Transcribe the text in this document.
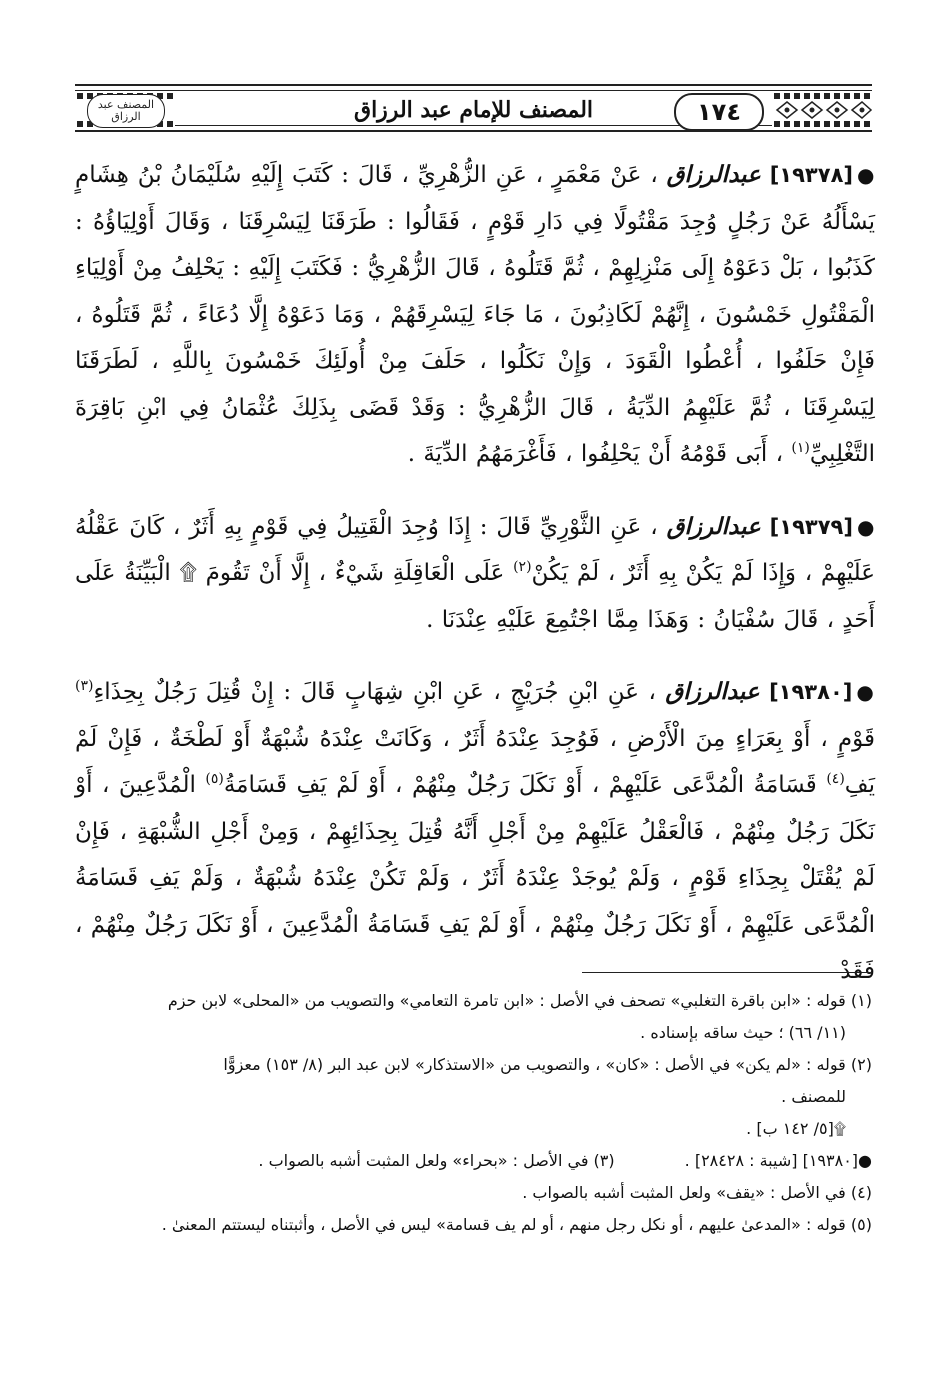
المصنف عبد الرزاق	١٧٤
المصنف للإمام عبد الرزاق

●[١٩٣٧٨] عبدالرزاق ، عَنْ مَعْمَرٍ ، عَنِ الزُّهْرِيِّ ، قَالَ : كَتَبَ إِلَيْهِ سُلَيْمَانُ بْنُ هِشَامٍ يَسْأَلُهُ عَنْ رَجُلٍ وُجِدَ مَقْتُولًا فِي دَارِ قَوْمٍ ، فَقَالُوا : طَرَقَنَا لِيَسْرِقَنَا ، وَقَالَ أَوْلِيَاؤُهُ : كَذَبُوا ، بَلْ دَعَوْهُ إِلَى مَنْزِلِهِمْ ، ثُمَّ قَتَلُوهُ ، قَالَ الزُّهْرِيُّ : فَكَتَبَ إِلَيْهِ : يَحْلِفُ مِنْ أَوْلِيَاءِ الْمَقْتُولِ خَمْسُونَ ، إِنَّهُمْ لَكَاذِبُونَ ، مَا جَاءَ لِيَسْرِقَهُمْ ، وَمَا دَعَوْهُ إِلَّا دُعَاءً ، ثُمَّ قَتَلُوهُ ، فَإِنْ حَلَفُوا ، أُعْطُوا الْقَوَدَ ، وَإِنْ نَكَلُوا ، حَلَفَ مِنْ أُولَئِكَ خَمْسُونَ بِاللَّهِ ، لَطَرَقَنَا لِيَسْرِقَنَا ، ثُمَّ عَلَيْهِمُ الدِّيَةُ ، قَالَ الزُّهْرِيُّ : وَقَدْ قَضَى بِذَلِكَ عُثْمَانُ فِي ابْنِ بَاقِرَةَ التَّغْلِبِيِّ$^{(١)}$ ، أَبَى قَوْمُهُ أَنْ يَحْلِفُوا ، فَأَغْرَمَهُمُ الدِّيَةَ .

●[١٩٣٧٩] عبدالرزاق ، عَنِ الثَّوْرِيِّ قَالَ : إِذَا وُجِدَ الْقَتِيلُ فِي قَوْمٍ بِهِ أَثَرٌ ، كَانَ عَقْلُهُ عَلَيْهِمْ ، وَإِذَا لَمْ يَكُنْ بِهِ أَثَرٌ ، لَمْ يَكُنْ$^{(٢)}$ عَلَى الْعَاقِلَةِ شَيْءٌ ، إِلَّا أَنْ تَقُومَ ۩ الْبَيِّنَةُ عَلَى أَحَدٍ ، قَالَ سُفْيَانُ : وَهَذَا مِمَّا اجْتُمِعَ عَلَيْهِ عِنْدَنَا .

●[١٩٣٨٠] عبدالرزاق ، عَنِ ابْنِ جُرَيْجٍ ، عَنِ ابْنِ شِهَابٍ قَالَ : إِنْ قُتِلَ رَجُلٌ بِحِذَاءِ$^{(٣)}$ قَوْمٍ ، أَوْ بِعَرَاءٍ مِنَ الْأَرْضِ ، فَوُجِدَ عِنْدَهُ أَثَرٌ ، وَكَانَتْ عِنْدَهُ شُبْهَةٌ أَوْ لَطْخَةٌ ، فَإِنْ لَمْ يَفِ$^{(٤)}$ قَسَامَةُ الْمُدَّعَى عَلَيْهِمْ ، أَوْ نَكَلَ رَجُلٌ مِنْهُمْ ، أَوْ لَمْ يَفِ قَسَامَةُ$^{(٥)}$ الْمُدَّعِينَ ، أَوْ نَكَلَ رَجُلٌ مِنْهُمْ ، فَالْعَقْلُ عَلَيْهِمْ مِنْ أَجْلِ أَنَّهُ قُتِلَ بِحِذَائِهِمْ ، وَمِنْ أَجْلِ الشُّبْهَةِ ، فَإِنْ لَمْ يُقْتَلْ بِحِذَاءِ قَوْمٍ ، وَلَمْ يُوجَدْ عِنْدَهُ أَثَرٌ ، وَلَمْ تَكُنْ عِنْدَهُ شُبْهَةٌ ، وَلَمْ يَفِ قَسَامَةُ الْمُدَّعَى عَلَيْهِمْ ، أَوْ نَكَلَ رَجُلٌ مِنْهُمْ ، أَوْ لَمْ يَفِ قَسَامَةُ الْمُدَّعِينَ ، أَوْ نَكَلَ رَجُلٌ مِنْهُمْ ، فَقَدْ

(١) قوله : «ابن باقرة التغلبي» تصحف في الأصل : «ابن تامرة التعامي» والتصويب من «المحلى» لابن حزم

(١١/ ٦٦) ؛ حيث ساقه بإسناده .

(٢) قوله : «لم يكن» في الأصل : «كان» ، والتصويب من «الاستذكار» لابن عبد البر (٨/ ١٥٣) معزوًّا

للمصنف .

۩[٥/ ١٤٢ ب] .

●[١٩٣٨٠] [شيبة : ٢٨٤٢٨] .
(٣) في الأصل : «بحراء» ولعل المثبت أشبه بالصواب .

(٤) في الأصل : «يقف» ولعل المثبت أشبه بالصواب .

(٥) قوله : «المدعىٰ عليهم ، أو نكل رجل منهم ، أو لم يف قسامة» ليس في الأصل ، وأثبتناه ليستتم المعنىٰ .
